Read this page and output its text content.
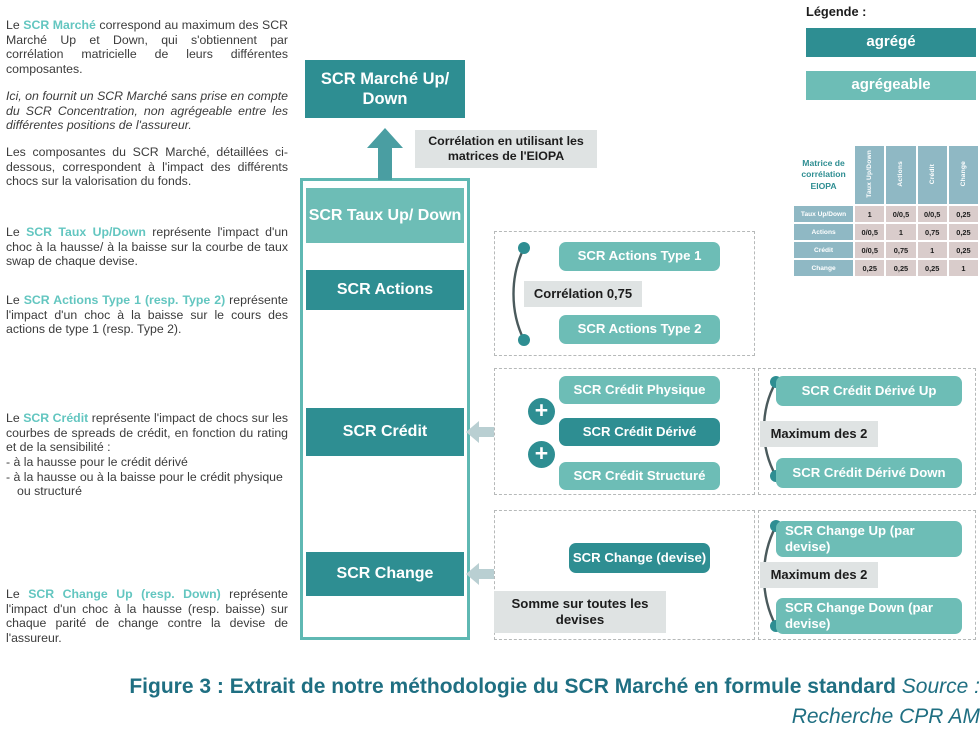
Le SCR Marché correspond au maximum des SCR Marché Up et Down, qui s'obtiennent par corrélation matricielle de leurs différentes composantes.

Ici, on fournit un SCR Marché sans prise en compte du SCR Concentration, non agrégeable entre les différentes positions de l'assureur.

Les composantes du SCR Marché, détaillées ci-dessous, correspondent à l'impact des différents chocs sur la valorisation du fonds.

Le SCR Taux Up/Down représente l'impact d'un choc à la hausse/ à la baisse sur la courbe de taux swap de chaque devise.

Le SCR Actions Type 1 (resp. Type 2) représente l'impact d'un choc à la baisse sur le cours des actions de type 1 (resp. Type 2).

Le SCR Crédit représente l'impact de chocs sur les courbes de spreads de crédit, en fonction du rating et de la sensibilité :

- à la hausse pour le crédit dérivé
- à la hausse ou à la baisse pour le crédit physique ou structuré

Le SCR Change Up (resp. Down) représente l'impact d'un choc à la hausse (resp. baisse) sur chaque parité de change contre la devise de l'assureur.

SCR Marché Up/ Down
SCR Taux Up/ Down
SCR Actions
SCR Crédit
SCR Change
SCR Actions Type 1
SCR Actions Type 2
SCR Crédit Physique
SCR Crédit Dérivé
SCR Crédit Structuré
SCR Crédit Dérivé Up
SCR Crédit Dérivé Down
SCR Change (devise)
SCR Change Up (par devise)
SCR Change Down (par devise)
+
+
Corrélation en utilisant les matrices de l'EIOPA
Corrélation 0,75
Maximum des 2
Maximum des 2
Somme sur toutes les devises
Légende :
agrégé
agrégeable
Matrice de corrélation EIOPA	Taux Up/Down	Actions	Crédit	Change
Taux Up/Down	1	0/0,5	0/0,5	0,25
Actions	0/0,5	1	0,75	0,25
Crédit	0/0,5	0,75	1	0,25
Change	0,25	0,25	0,25	1
Figure 3 : Extrait de notre méthodologie du SCR Marché en formule standard Source : Recherche CPR AM
